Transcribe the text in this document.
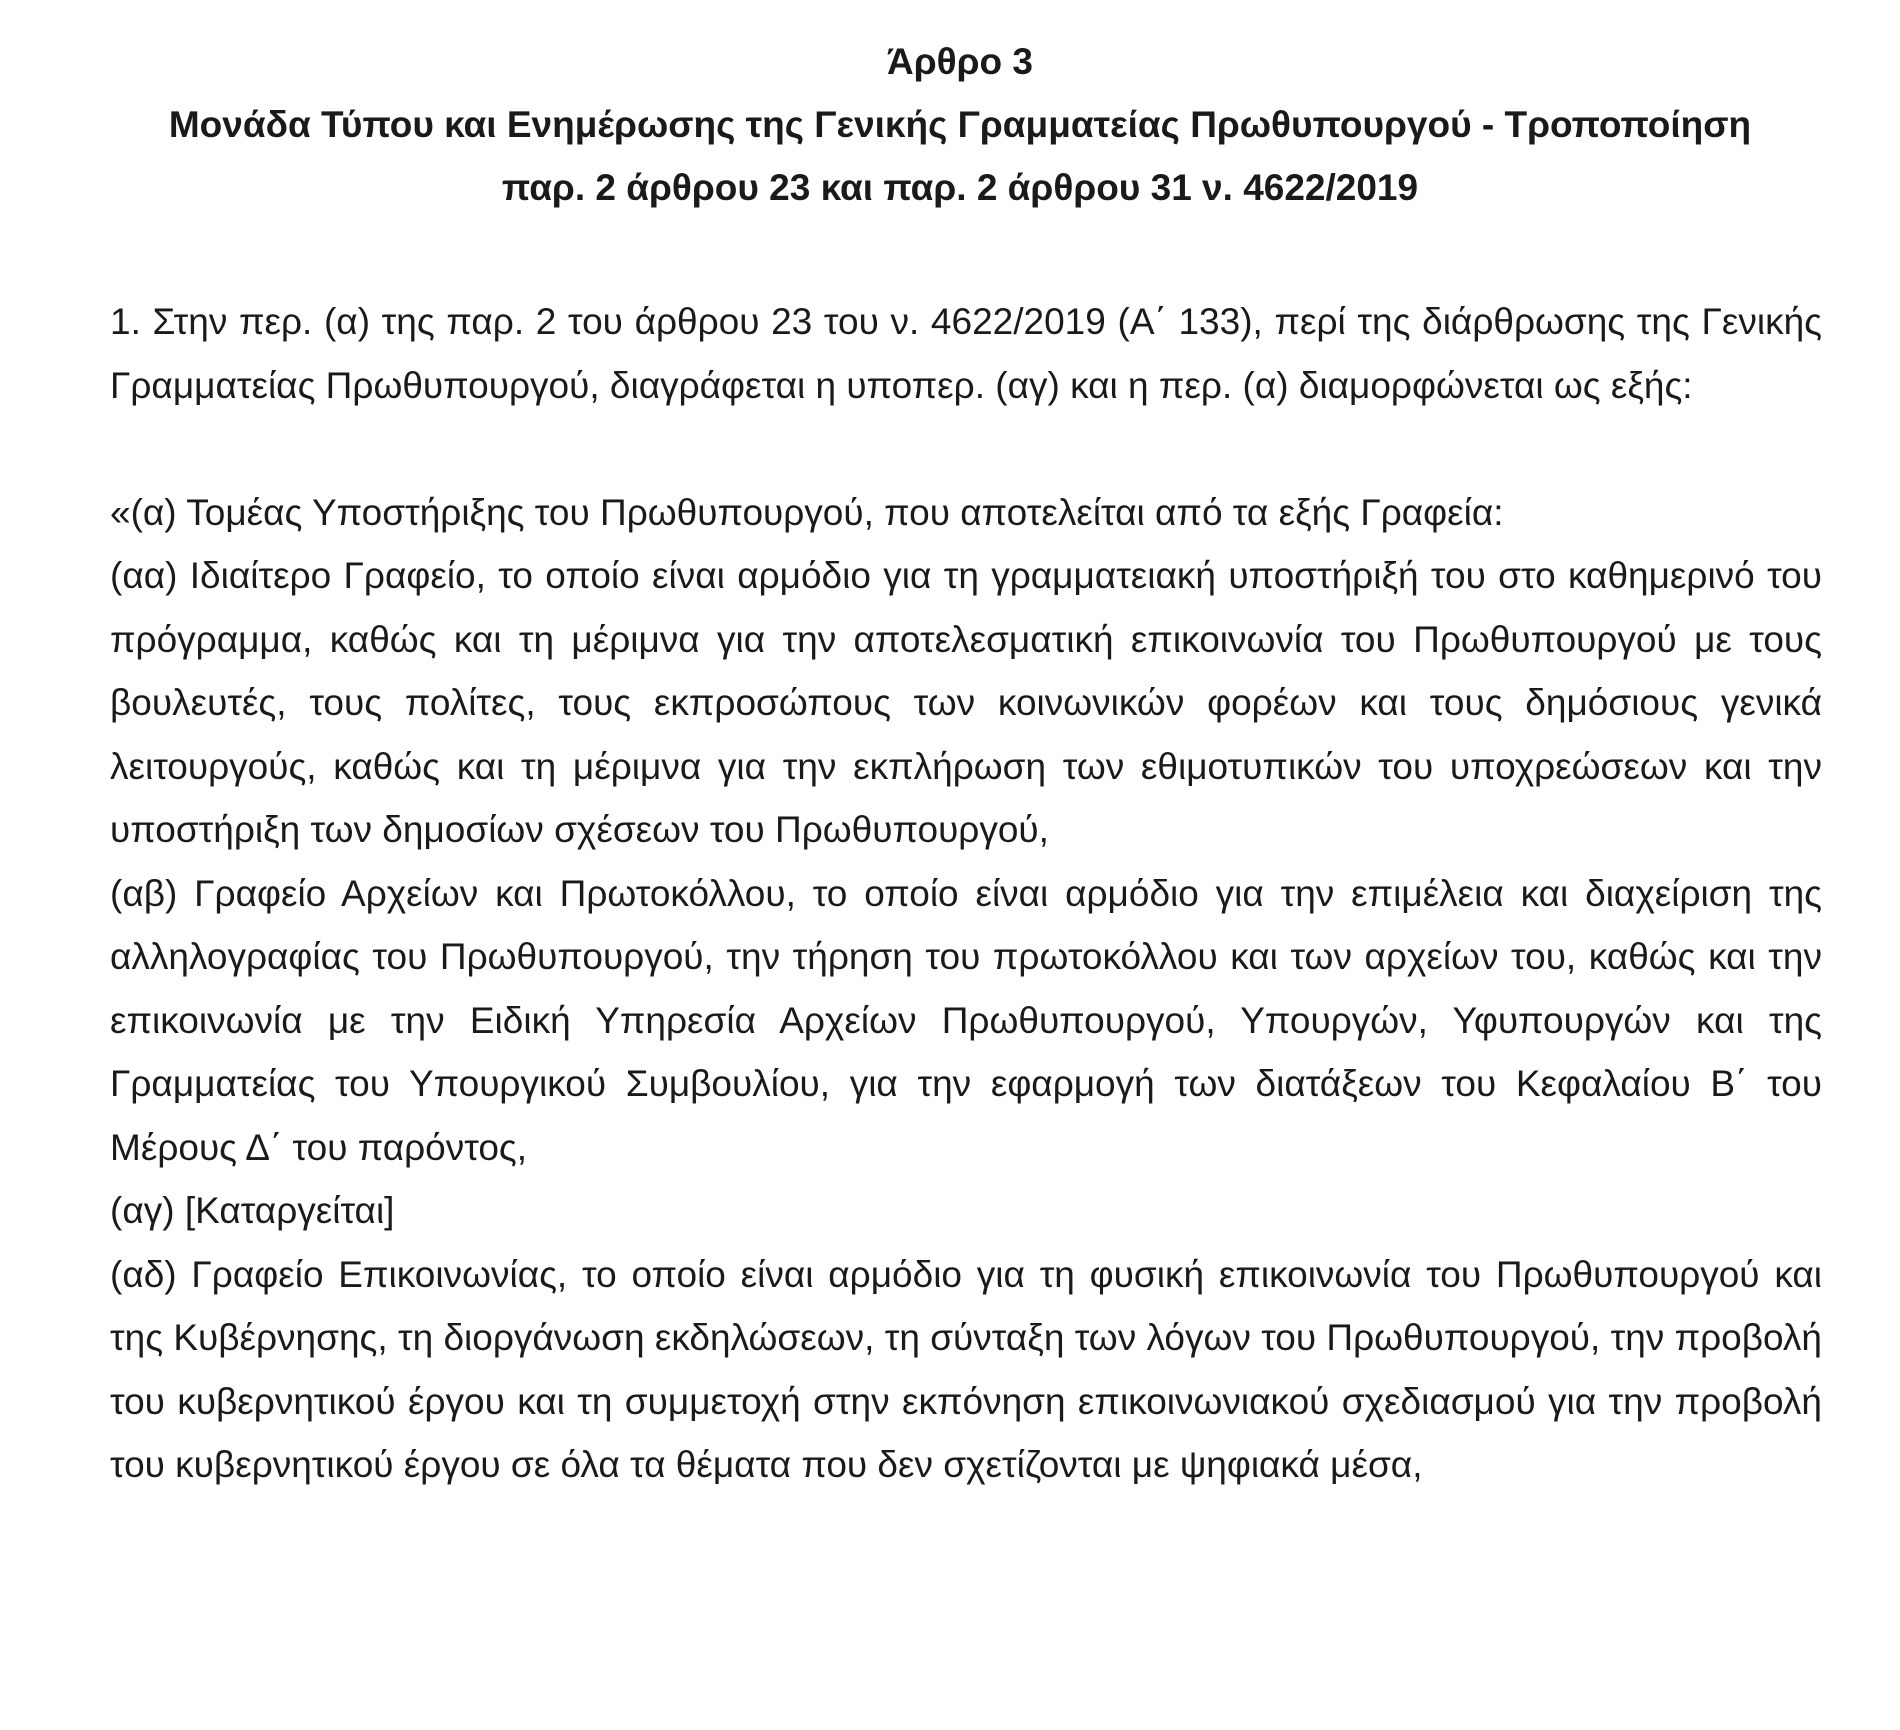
Άρθρο 3
Μονάδα Τύπου και Ενημέρωσης της Γενικής Γραμματείας Πρωθυπουργού - Τροποποίηση
παρ. 2 άρθρου 23 και παρ. 2 άρθρου 31 ν. 4622/2019

1. Στην περ. (α) της παρ. 2 του άρθρου 23 του ν. 4622/2019 (Α΄ 133), περί της διάρθρωσης της Γενικής Γραμματείας Πρωθυπουργού, διαγράφεται η υποπερ. (αγ) και η περ. (α) διαμορφώνεται ως εξής:

«(α) Τομέας Υποστήριξης του Πρωθυπουργού, που αποτελείται από τα εξής Γραφεία:

(αα) Ιδιαίτερο Γραφείο, το οποίο είναι αρμόδιο για τη γραμματειακή υποστήριξή του στο καθημερινό του πρόγραμμα, καθώς και τη μέριμνα για την αποτελεσματική επικοινωνία του Πρωθυπουργού με τους βουλευτές, τους πολίτες, τους εκπροσώπους των κοινωνικών φορέων και τους δημόσιους γενικά λειτουργούς, καθώς και τη μέριμνα για την εκπλήρωση των εθιμοτυπικών του υποχρεώσεων και την υποστήριξη των δημοσίων σχέσεων του Πρωθυπουργού,

(αβ) Γραφείο Αρχείων και Πρωτοκόλλου, το οποίο είναι αρμόδιο για την επιμέλεια και διαχείριση της αλληλογραφίας του Πρωθυπουργού, την τήρηση του πρωτοκόλλου και των αρχείων του, καθώς και την επικοινωνία με την Ειδική Υπηρεσία Αρχείων Πρωθυπουργού, Υπουργών, Υφυπουργών και της Γραμματείας του Υπουργικού Συμβουλίου, για την εφαρμογή των διατάξεων του Κεφαλαίου Β΄ του Μέρους Δ΄ του παρόντος,

(αγ) [Καταργείται]

(αδ) Γραφείο Επικοινωνίας, το οποίο είναι αρμόδιο για τη φυσική επικοινωνία του Πρωθυπουργού και της Κυβέρνησης, τη διοργάνωση εκδηλώσεων, τη σύνταξη των λόγων του Πρωθυπουργού, την προβολή του κυβερνητικού έργου και τη συμμετοχή στην εκπόνηση επικοινωνιακού σχεδιασμού για την προβολή του κυβερνητικού έργου σε όλα τα θέματα που δεν σχετίζονται με ψηφιακά μέσα,
